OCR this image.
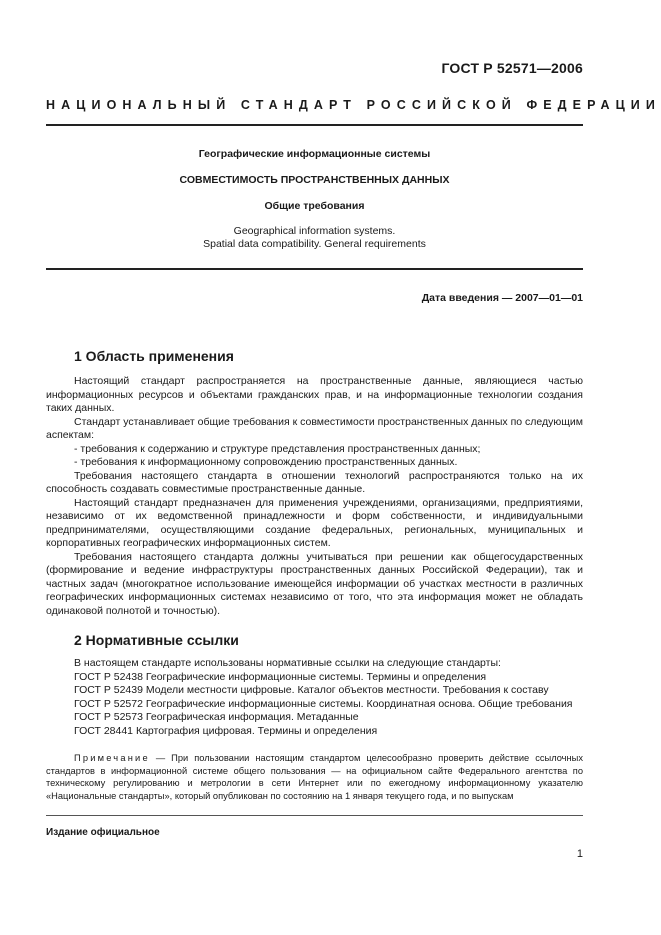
ГОСТ Р 52571—2006
НАЦИОНАЛЬНЫЙ СТАНДАРТ РОССИЙСКОЙ ФЕДЕРАЦИИ
Географические информационные системы
СОВМЕСТИМОСТЬ ПРОСТРАНСТВЕННЫХ ДАННЫХ
Общие требования
Geographical information systems.
Spatial data compatibility. General requirements
Дата введения — 2007—01—01
1 Область применения

Настоящий стандарт распространяется на пространственные данные, являющиеся частью информационных ресурсов и объектами гражданских прав, и на информационные технологии создания таких данных.

Стандарт устанавливает общие требования к совместимости пространственных данных по следующим аспектам:

- требования к содержанию и структуре представления пространственных данных;

- требования к информационному сопровождению пространственных данных.

Требования настоящего стандарта в отношении технологий распространяются только на их способность создавать совместимые пространственные данные.

Настоящий стандарт предназначен для применения учреждениями, организациями, предприятиями, независимо от их ведомственной принадлежности и форм собственности, и индивидуальными предпринимателями, осуществляющими создание федеральных, региональных, муниципальных и корпоративных географических информационных систем.

Требования настоящего стандарта должны учитываться при решении как общегосударственных (формирование и ведение инфраструктуры пространственных данных Российской Федерации), так и частных задач (многократное использование имеющейся информации об участках местности в различных географических информационных системах независимо от того, что эта информация может не обладать одинаковой полнотой и точностью).

2 Нормативные ссылки

В настоящем стандарте использованы нормативные ссылки на следующие стандарты:

ГОСТ Р 52438 Географические информационные системы. Термины и определения

ГОСТ Р 52439 Модели местности цифровые. Каталог объектов местности. Требования к составу

ГОСТ Р 52572 Географические информационные системы. Координатная основа. Общие требования

ГОСТ Р 52573 Географическая информация. Метаданные

ГОСТ 28441 Картография цифровая. Термины и определения

Примечание — При пользовании настоящим стандартом целесообразно проверить действие ссылочных стандартов в информационной системе общего пользования — на официальном сайте Федерального агентства по техническому регулированию и метрологии в сети Интернет или по ежегодному информационному указателю «Национальные стандарты», который опубликован по состоянию на 1 января текущего года, и по выпускам

Издание официальное
1
